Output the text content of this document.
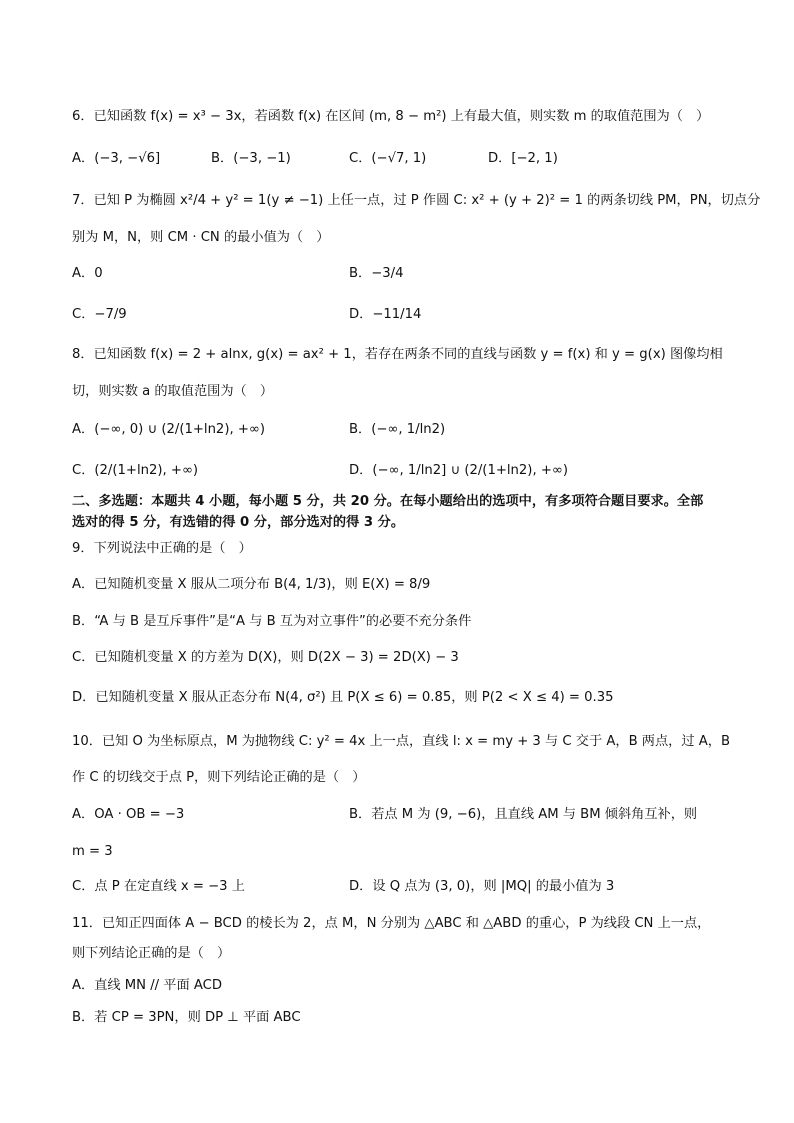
6．已知函数 f(x) = x³ − 3x，若函数 f(x) 在区间 (m, 8 − m²) 上有最大值，则实数 m 的取值范围为（　）
A．(−3, −√6]	B．(−3, −1)	C．(−√7, 1)	D．[−2, 1)
7．已知 P 为椭圆 x²/4 + y² = 1(y ≠ −1) 上任一点，过 P 作圆 C: x² + (y + 2)² = 1 的两条切线 PM，PN，切点分
别为 M，N，则 CM · CN 的最小值为（　）
A．0	B．−3/4
C．−7/9	D．−11/14
8．已知函数 f(x) = 2 + alnx, g(x) = ax² + 1，若存在两条不同的直线与函数 y = f(x) 和 y = g(x) 图像均相
切，则实数 a 的取值范围为（　）
A．(−∞, 0) ∪ (2/(1+ln2), +∞)	B．(−∞, 1/ln2)
C．(2/(1+ln2), +∞)	D．(−∞, 1/ln2] ∪ (2/(1+ln2), +∞)
二、多选题：本题共 4 小题，每小题 5 分，共 20 分。在每小题给出的选项中，有多项符合题目要求。全部
选对的得 5 分，有选错的得 0 分，部分选对的得 3 分。
9．下列说法中正确的是（　）
A．已知随机变量 X 服从二项分布 B(4, 1/3)，则 E(X) = 8/9
B．“A 与 B 是互斥事件”是“A 与 B 互为对立事件”的必要不充分条件
C．已知随机变量 X 的方差为 D(X)，则 D(2X − 3) = 2D(X) − 3
D．已知随机变量 X 服从正态分布 N(4, σ²) 且 P(X ≤ 6) = 0.85，则 P(2 < X ≤ 4) = 0.35
10．已知 O 为坐标原点，M 为抛物线 C: y² = 4x 上一点，直线 l: x = my + 3 与 C 交于 A，B 两点，过 A，B
作 C 的切线交于点 P，则下列结论正确的是（　）
A．OA · OB = −3	B．若点 M 为 (9, −6)，且直线 AM 与 BM 倾斜角互补，则
m = 3
C．点 P 在定直线 x = −3 上	D．设 Q 点为 (3, 0)，则 |MQ| 的最小值为 3
11．已知正四面体 A − BCD 的棱长为 2，点 M，N 分别为 △ABC 和 △ABD 的重心，P 为线段 CN 上一点，
则下列结论正确的是（　）
A．直线 MN // 平面 ACD
B．若 CP = 3PN，则 DP ⊥ 平面 ABC
